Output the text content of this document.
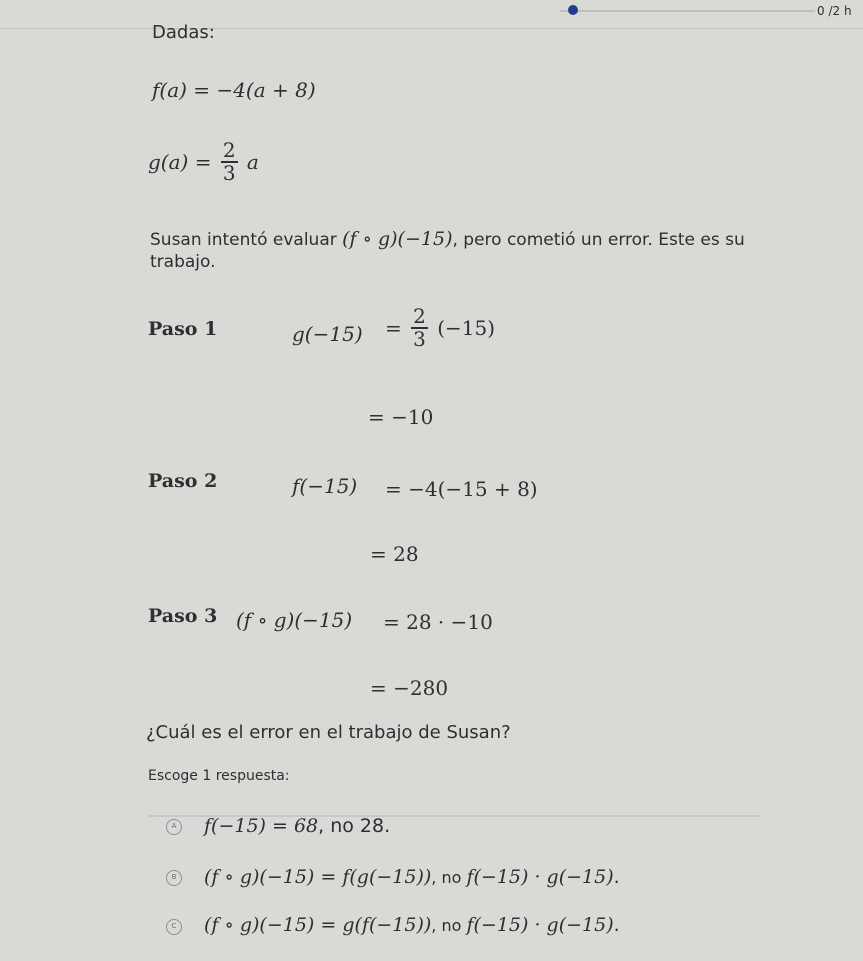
0 /2 h
Dadas:
f(a) = −4(a + 8)
$g(a) = \frac{2}{3}$ a
Susan intentó evaluar (f ∘ g)(−15), pero cometió un error. Este es su
trabajo.
Paso 1	$g(-15) = \frac{2}{3} (-15)$
= −10
Paso 2	f(−15) = −4(−15 + 8)
= 28
Paso 3 (f ∘ g)(−15) = 28 · −10
= −280
¿Cuál es el error en el trabajo de Susan?
Escoge 1 respuesta:
A f(−15) = 68, no 28.
B (f ∘ g)(−15) = f(g(−15)), no f(−15) · g(−15).
C (f ∘ g)(−15) = g(f(−15)), no f(−15) · g(−15).
